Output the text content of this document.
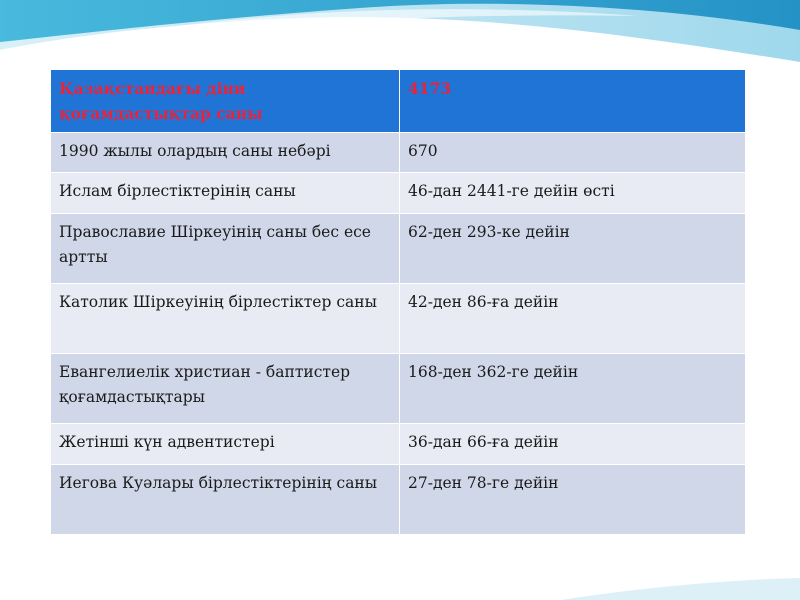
Қазақстандағы діни қоғамдастықтар саны	4173
1990 жылы олардың саны небәрі	670
Ислам бірлестіктерінің саны	46-дан 2441-ге дейін өсті
Православие Шіркеуінің саны бес есе артты	62-ден 293-ке дейін
Католик Шіркеуінің бірлестіктер саны	42-ден 86-ға дейін
Евангелиелік христиан - баптистер қоғамдастықтары	168-ден 362-ге дейін
Жетінші күн адвентистері	36-дан 66-ға дейін
Иегова Куәлары бірлестіктерінің саны	27-ден 78-ге дейін
